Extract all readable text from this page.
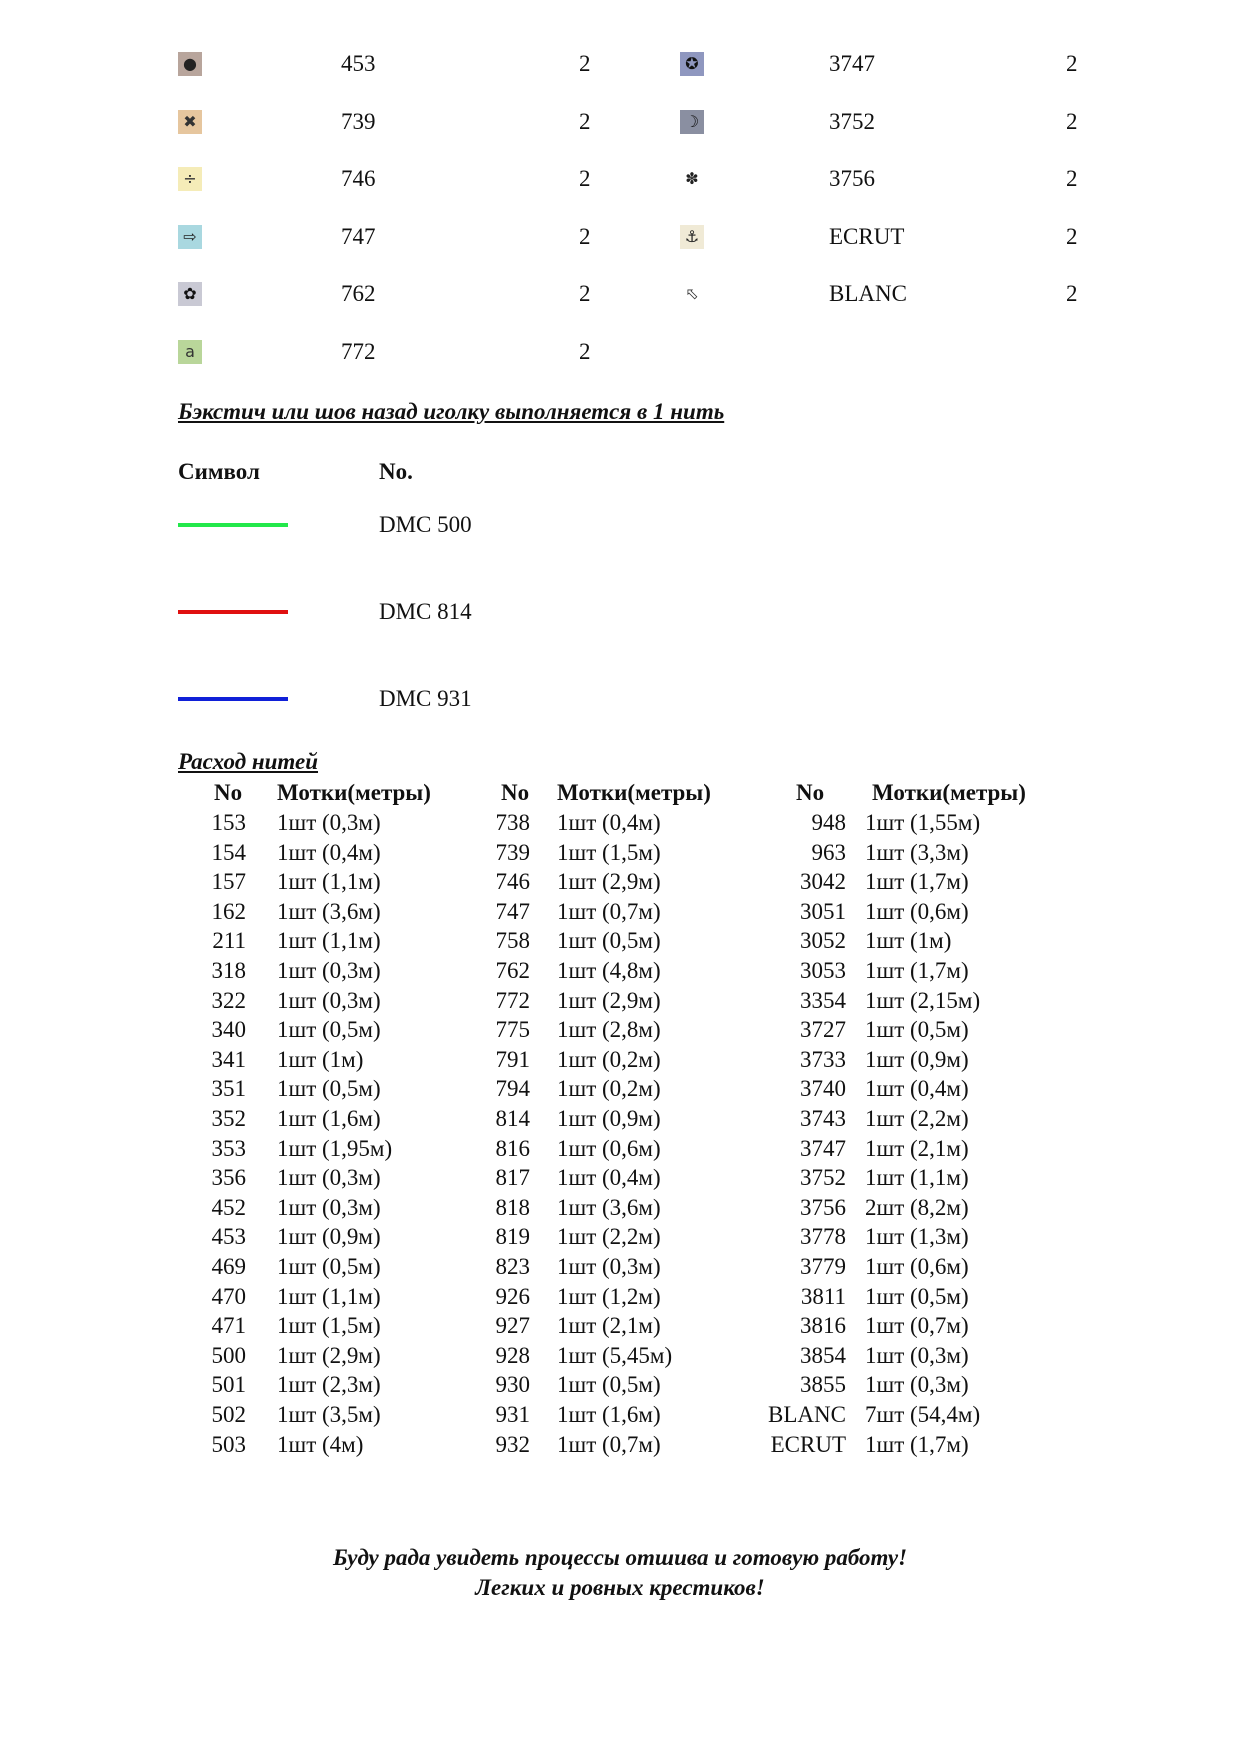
●	453	2
✖	739	2
÷	746	2
⇨	747	2
✿	762	2
a	772	2
✪	3747	2
☽	3752	2
✽	3756	2
⚓	ECRUT	2
⬁	BLANC	2
Бэкстич или шов назад иголку выполняется в 1 нить
Символ	No.
DMC 500
DMC 814
DMC 931
Расход нитей
No Мотки(метры)
153 1шт (0,3м)
154 1шт (0,4м)
157 1шт (1,1м)
162 1шт (3,6м)
211 1шт (1,1м)
318 1шт (0,3м)
322 1шт (0,3м)
340 1шт (0,5м)
341 1шт (1м)
351 1шт (0,5м)
352 1шт (1,6м)
353 1шт (1,95м)
356 1шт (0,3м)
452 1шт (0,3м)
453 1шт (0,9м)
469 1шт (0,5м)
470 1шт (1,1м)
471 1шт (1,5м)
500 1шт (2,9м)
501 1шт (2,3м)
502 1шт (3,5м)
503 1шт (4м)
No Мотки(метры)
738 1шт (0,4м)
739 1шт (1,5м)
746 1шт (2,9м)
747 1шт (0,7м)
758 1шт (0,5м)
762 1шт (4,8м)
772 1шт (2,9м)
775 1шт (2,8м)
791 1шт (0,2м)
794 1шт (0,2м)
814 1шт (0,9м)
816 1шт (0,6м)
817 1шт (0,4м)
818 1шт (3,6м)
819 1шт (2,2м)
823 1шт (0,3м)
926 1шт (1,2м)
927 1шт (2,1м)
928 1шт (5,45м)
930 1шт (0,5м)
931 1шт (1,6м)
932 1шт (0,7м)
No Мотки(метры)
948 1шт (1,55м)
963 1шт (3,3м)
3042 1шт (1,7м)
3051 1шт (0,6м)
3052 1шт (1м)
3053 1шт (1,7м)
3354 1шт (2,15м)
3727 1шт (0,5м)
3733 1шт (0,9м)
3740 1шт (0,4м)
3743 1шт (2,2м)
3747 1шт (2,1м)
3752 1шт (1,1м)
3756 2шт (8,2м)
3778 1шт (1,3м)
3779 1шт (0,6м)
3811 1шт (0,5м)
3816 1шт (0,7м)
3854 1шт (0,3м)
3855 1шт (0,3м)
BLANC 7шт (54,4м)
ECRUT 1шт (1,7м)
Буду рада увидеть процессы отшива и готовую работу!
Легких и ровных крестиков!
